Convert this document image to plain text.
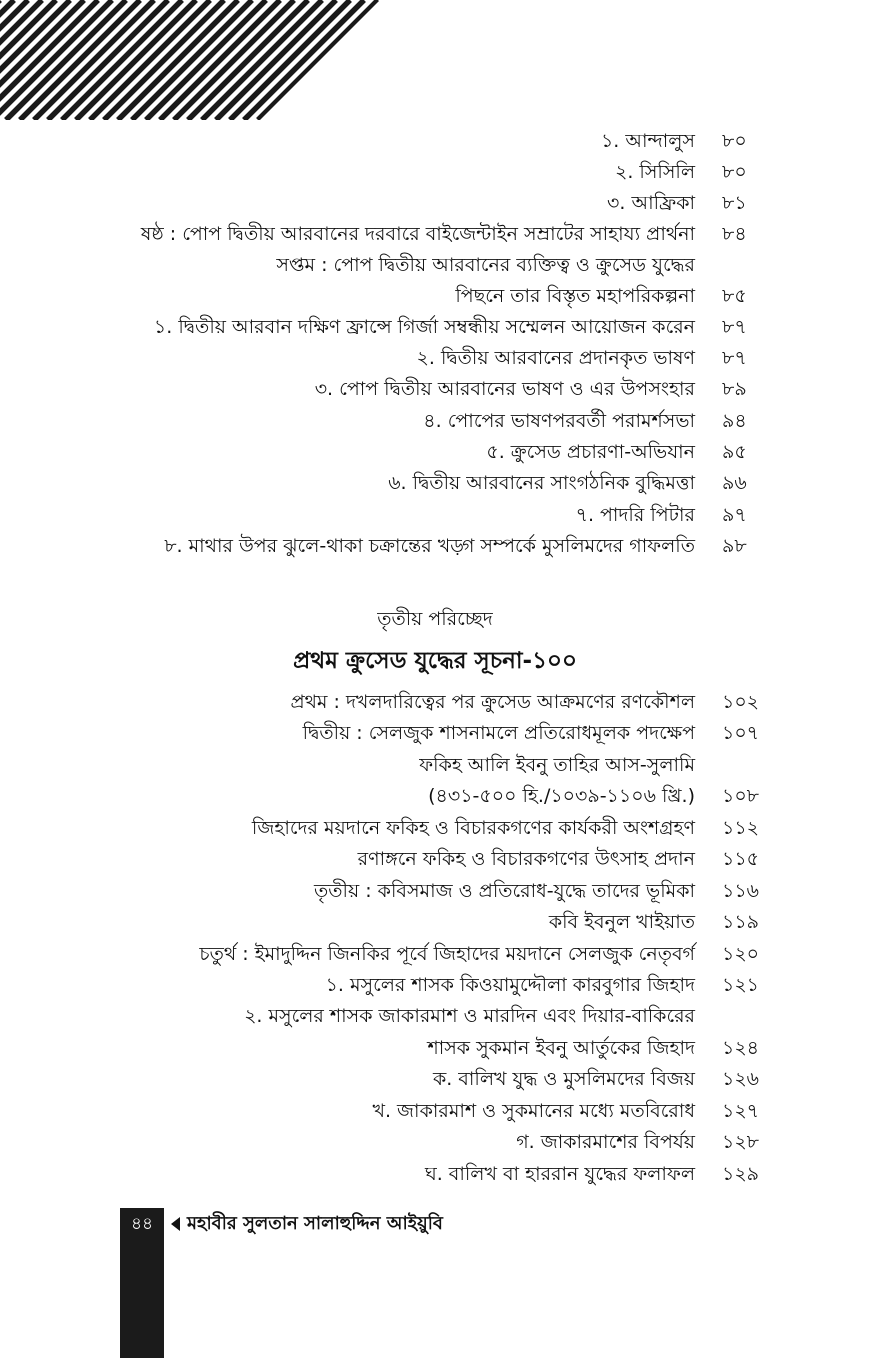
১. আন্দালুস ৮০
২. সিসিলি ৮০
৩. আফ্রিকা ৮১
ষষ্ঠ : পোপ দ্বিতীয় আরবানের দরবারে বাইজেন্টাইন সম্রাটের সাহায্য প্রার্থনা ৮৪
সপ্তম : পোপ দ্বিতীয় আরবানের ব্যক্তিত্ব ও ক্রুসেড যুদ্ধের
পিছনে তার বিস্তৃত মহাপরিকল্পনা ৮৫
১. দ্বিতীয় আরবান দক্ষিণ ফ্রান্সে গির্জা সম্বন্ধীয় সম্মেলন আয়োজন করেন ৮৭
২. দ্বিতীয় আরবানের প্রদানকৃত ভাষণ ৮৭
৩. পোপ দ্বিতীয় আরবানের ভাষণ ও এর উপসংহার ৮৯
৪. পোপের ভাষণপরবর্তী পরামর্শসভা ৯৪
৫. ক্রুসেড প্রচারণা-অভিযান ৯৫
৬. দ্বিতীয় আরবানের সাংগঠনিক বুদ্ধিমত্তা ৯৬
৭. পাদরি পিটার ৯৭
৮. মাথার উপর ঝুলে-থাকা চক্রান্তের খড়্গ সম্পর্কে মুসলিমদের গাফলতি ৯৮
তৃতীয় পরিচ্ছেদ
প্রথম ক্রুসেড যুদ্ধের সূচনা-১০০
প্রথম : দখলদারিত্বের পর ক্রুসেড আক্রমণের রণকৌশল ১০২
দ্বিতীয় : সেলজুক শাসনামলে প্রতিরোধমূলক পদক্ষেপ ১০৭
ফকিহ আলি ইবনু তাহির আস-সুলামি
(৪৩১-৫০০ হি./১০৩৯-১১০৬ খ্রি.) ১০৮
জিহাদের ময়দানে ফকিহ ও বিচারকগণের কার্যকরী অংশগ্রহণ ১১২
রণাঙ্গনে ফকিহ ও বিচারকগণের উৎসাহ প্রদান ১১৫
তৃতীয় : কবিসমাজ ও প্রতিরোধ-যুদ্ধে তাদের ভূমিকা ১১৬
কবি ইবনুল খাইয়াত ১১৯
চতুর্থ : ইমাদুদ্দিন জিনকির পূর্বে জিহাদের ময়দানে সেলজুক নেতৃবর্গ ১২০
১. মসুলের শাসক কিওয়ামুদ্দৌলা কারবুগার জিহাদ ১২১
২. মসুলের শাসক জাকারমাশ ও মারদিন এবং দিয়ার-বাকিরের
শাসক সুকমান ইবনু আর্তুকের জিহাদ ১২৪
ক. বালিখ যুদ্ধ ও মুসলিমদের বিজয় ১২৬
খ. জাকারমাশ ও সুকমানের মধ্যে মতবিরোধ ১২৭
গ. জাকারমাশের বিপর্যয় ১২৮
ঘ. বালিখ বা হাররান যুদ্ধের ফলাফল ১২৯
৪৪	মহাবীর সুলতান সালাহুদ্দিন আইয়ুবি
